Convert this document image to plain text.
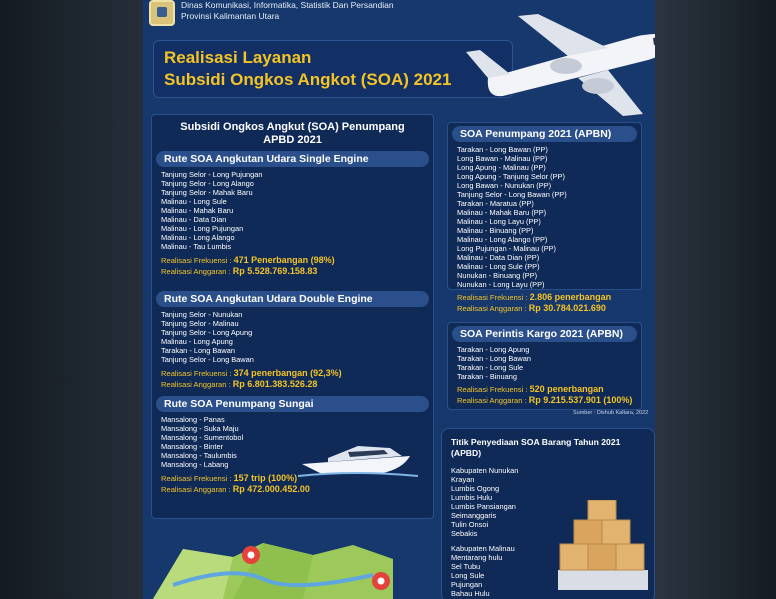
Dinas Komunikasi, Informatika, Statistik Dan Persandian
Provinsi Kalimantan Utara
Realisasi Layanan
Subsidi Ongkos Angkot (SOA) 2021
Subsidi Ongkos Angkut (SOA) Penumpang
APBD 2021
Rute SOA Angkutan Udara Single Engine
Tanjung Selor - Long Pujungan
Tanjung Selor - Long Alango
Tanjung Selor - Mahak Baru
Malinau - Long Sule
Malinau - Mahak Baru
Malinau - Data Dian
Malinau - Long Pujungan
Malinau - Long Alango
Malinau - Tau Lumbis
Realisasi Frekuensi : 471 Penerbangan (98%)
Realisasi Anggaran : Rp 5.528.769.158.83
Rute SOA Angkutan Udara Double Engine
Tanjung Selor - Nunukan
Tanjung Selor - Malinau
Tanjung Selor - Long Apung
Malinau - Long Apung
Tarakan - Long Bawan
Tanjung Selor - Long Bawan
Realisasi Frekuensi : 374 penerbangan (92,3%)
Realisasi Anggaran : Rp 6.801.383.526.28
Rute SOA Penumpang Sungai
Mansalong - Panas
Mansalong - Suka Maju
Mansalong - Sumentobol
Mansalong - Binter
Mansalong - Taulumbis
Mansalong - Labang
Realisasi Frekuensi : 157 trip (100%)
Realisasi Anggaran : Rp 472.000.452.00
SOA Penumpang 2021 (APBN)
Tarakan - Long Bawan (PP)
Long Bawan - Malinau (PP)
Long Apung - Malinau (PP)
Long Apung - Tanjung Selor (PP)
Long Bawan - Nunukan (PP)
Tanjung Selor - Long Bawan (PP)
Tarakan - Maratua (PP)
Malinau - Mahak Baru (PP)
Malinau - Long Layu (PP)
Malinau - Binuang (PP)
Malinau - Long Alango (PP)
Long Pujungan - Malinau (PP)
Malinau - Data Dian (PP)
Malinau - Long Sule (PP)
Nunukan - Binuang (PP)
Nunukan - Long Layu (PP)
Realisasi Frekuensi : 2.806 penerbangan
Realisasi Anggaran : Rp 30.784.021.690
SOA Perintis Kargo 2021 (APBN)
Tarakan - Long Apung
Tarakan - Long Bawan
Tarakan - Long Sule
Tarakan - Binuang
Realisasi Frekuensi : 520 penerbangan
Realisasi Anggaran : Rp 9.215.537.901 (100%)
Sumber : Dishub Kaltara, 2022
Titik Penyediaan SOA Barang Tahun 2021
(APBD)
Kabupaten Nunukan
Krayan
Lumbis Ogong
Lumbis Hulu
Lumbis Pansiangan
Seimanggaris
Tulin Onsoi
Sebakis
Kabupaten Malinau
Mentarang hulu
Sel Tubu
Long Sule
Pujungan
Bahau Hulu
